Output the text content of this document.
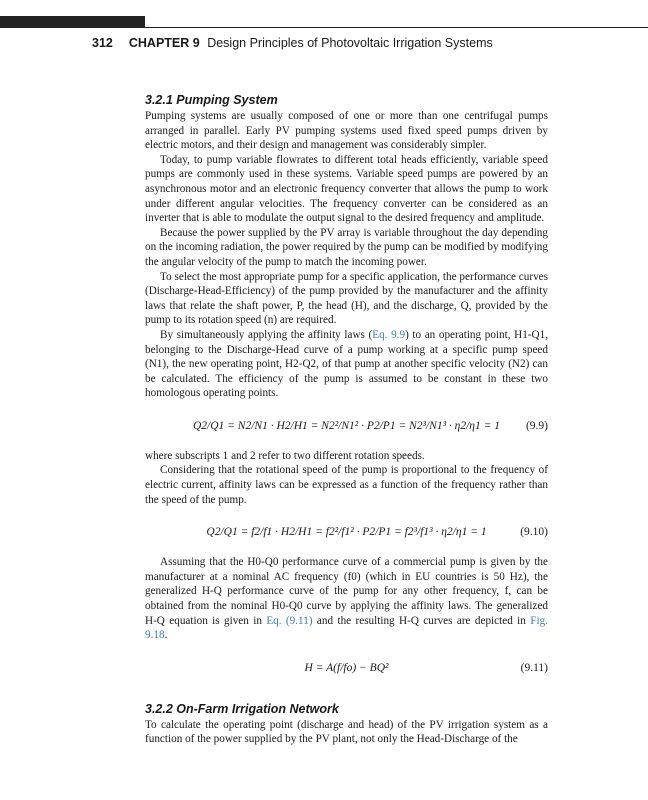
312 CHAPTER 9 Design Principles of Photovoltaic Irrigation Systems
3.2.1 Pumping System

Pumping systems are usually composed of one or more than one centrifugal pumps arranged in parallel. Early PV pumping systems used fixed speed pumps driven by electric motors, and their design and management was considerably simpler.

Today, to pump variable flowrates to different total heads efficiently, variable speed pumps are commonly used in these systems. Variable speed pumps are powered by an asynchronous motor and an electronic frequency converter that allows the pump to work under different angular velocities. The frequency converter can be considered as an inverter that is able to modulate the output signal to the desired frequency and amplitude.

Because the power supplied by the PV array is variable throughout the day depending on the incoming radiation, the power required by the pump can be modified by modifying the angular velocity of the pump to match the incoming power.

To select the most appropriate pump for a specific application, the performance curves (Discharge-Head-Efficiency) of the pump provided by the manufacturer and the affinity laws that relate the shaft power, P, the head (H), and the discharge, Q, provided by the pump to its rotation speed (n) are required.

By simultaneously applying the affinity laws (Eq. 9.9) to an operating point, H1-Q1, belonging to the Discharge-Head curve of a pump working at a specific pump speed (N1), the new operating point, H2-Q2, of that pump at another specific velocity (N2) can be calculated. The efficiency of the pump is assumed to be constant in these two homologous operating points.

Q2/Q1 = N2/N1 · H2/H1 = N2²/N1² · P2/P1 = N2³/N1³ · η2/η1 = 1	(9.9)

where subscripts 1 and 2 refer to two different rotation speeds.

Considering that the rotational speed of the pump is proportional to the frequency of electric current, affinity laws can be expressed as a function of the frequency rather than the speed of the pump.

Q2/Q1 = f2/f1 · H2/H1 = f2²/f1² · P2/P1 = f2³/f1³ · η2/η1 = 1	(9.10)

Assuming that the H0-Q0 performance curve of a commercial pump is given by the manufacturer at a nominal AC frequency (f0) (which in EU countries is 50 Hz), the generalized H-Q performance curve of the pump for any other frequency, f, can be obtained from the nominal H0-Q0 curve by applying the affinity laws. The generalized H-Q equation is given in Eq. (9.11) and the resulting H-Q curves are depicted in Fig. 9.18.

H = A(f/fo) − BQ²	(9.11)
3.2.2 On-Farm Irrigation Network

To calculate the operating point (discharge and head) of the PV irrigation system as a function of the power supplied by the PV plant, not only the Head-Discharge of the
